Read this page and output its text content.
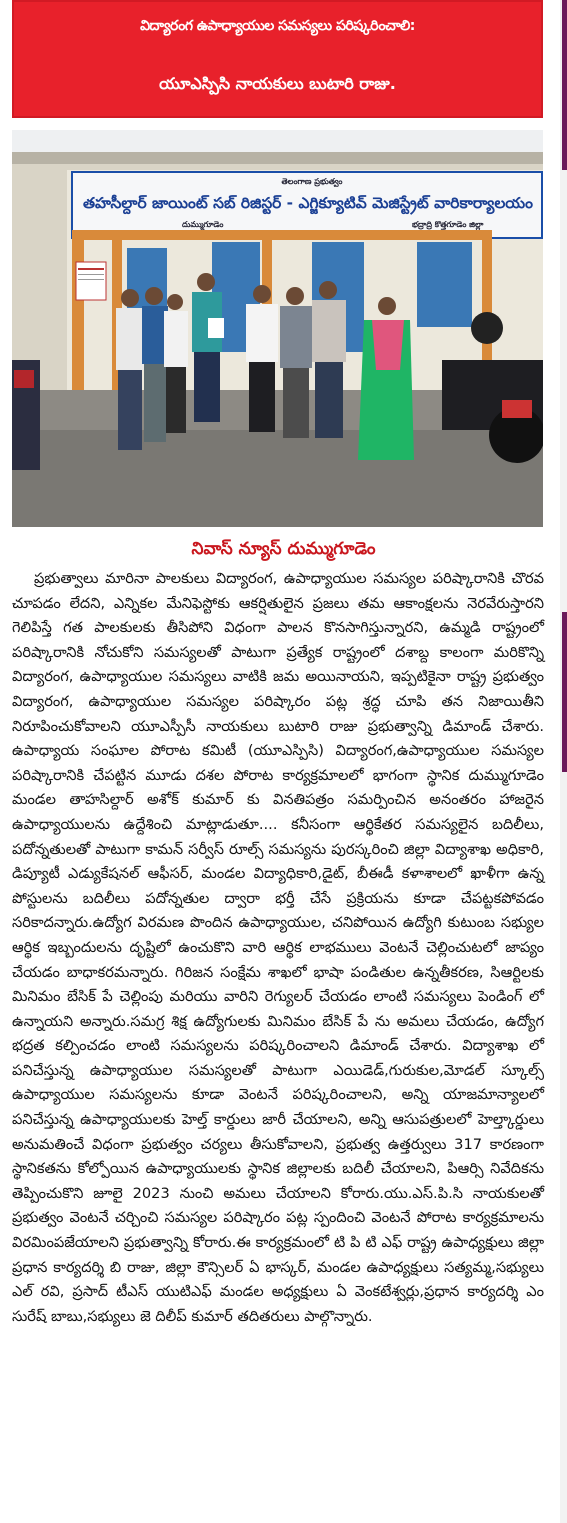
విద్యారంగ ఉపాధ్యాయుల సమస్యలు పరిష్కరించాలి:
యూఎస్పిసి నాయకులు బుటారి రాజు.
తెలంగాణ ప్రభుత్వం
తహసీల్దార్ జాయింట్ సబ్ రిజిస్టర్ - ఎగ్జిక్యూటివ్ మెజిస్ట్రేట్ వారికార్యాలయం
దుమ్ముగూడెం	భద్రాద్రి కొత్తగూడెం జిల్లా
నివాస్ న్యూస్ దుమ్ముగూడెం

ప్రభుత్వాలు మారినా పాలకులు విద్యారంగ, ఉపాధ్యాయుల సమస్యల పరిష్కారానికి చొరవ చూపడం లేదని, ఎన్నికల మేనిఫెస్టోకు ఆకర్షితులైన ప్రజలు తమ ఆకాంక్షలను నెరవేరుస్తారని గెలిపిస్తే గత పాలకులకు తీసిపోని విధంగా పాలన కొనసాగిస్తున్నారని, ఉమ్మడి రాష్ట్రంలో పరిష్కారానికి నోచుకోని సమస్యలతో పాటుగా ప్రత్యేక రాష్ట్రంలో దశాబ్ద కాలంగా మరికొన్ని విద్యారంగ, ఉపాధ్యాయుల సమస్యలు వాటికి జమ అయినాయని, ఇప్పటికైనా రాష్ట్ర ప్రభుత్వం విద్యారంగ, ఉపాధ్యాయుల సమస్యల పరిష్కారం పట్ల శ్రద్ధ చూపి తన నిజాయితీని నిరూపించుకోవాలని యూఎస్పీసీ నాయకులు బుటారి రాజు ప్రభుత్వాన్ని డిమాండ్ చేశారు. ఉపాధ్యాయ సంఘాల పోరాట కమిటీ (యూఎస్పిసి) విద్యారంగ,ఉపాధ్యాయుల సమస్యల పరిష్కారానికి చేపట్టిన మూడు దశల పోరాట కార్యక్రమాలలో భాగంగా స్థానిక దుమ్ముగూడెం మండల తాహసిల్దార్ అశోక్ కుమార్ కు వినతిపత్రం సమర్పించిన అనంతరం హాజరైన ఉపాధ్యాయులను ఉద్దేశించి మాట్లాడుతూ.... కనీసంగా ఆర్థికేతర సమస్యలైన బదిలీలు, పదోన్నతులతో పాటుగా కామన్ సర్వీస్ రూల్స్ సమస్యను పురస్కరించి జిల్లా విద్యాశాఖ అధికారి, డిప్యూటీ ఎడ్యుకేషనల్ ఆఫీసర్, మండల విద్యాధికారి,డైట్, బీఈడీ కళాశాలలో ఖాళీగా ఉన్న పోస్టులను బదిలీలు పదోన్నతుల ద్వారా భర్తీ చేసే ప్రక్రియను కూడా చేపట్టకపోవడం సరికాదన్నారు.ఉద్యోగ విరమణ పొందిన ఉపాధ్యాయుల, చనిపోయిన ఉద్యోగి కుటుంబ సభ్యుల ఆర్థిక ఇబ్బందులను దృష్టిలో ఉంచుకొని వారి ఆర్థిక లాభములు వెంటనే చెల్లించుటలో జాప్యం చేయడం బాధాకరమన్నారు. గిరిజన సంక్షేమ శాఖలో భాషా పండితుల ఉన్నతీకరణ, సిఆర్టిలకు మినిమం బేసిక్ పే చెల్లింపు మరియు వారిని రెగ్యులర్ చేయడం లాంటి సమస్యలు పెండింగ్ లో ఉన్నాయని అన్నారు.సమగ్ర శిక్ష ఉద్యోగులకు మినిమం బేసిక్ పే ను అమలు చేయడం, ఉద్యోగ భద్రత కల్పించడం లాంటి సమస్యలను పరిష్కరించాలని డిమాండ్ చేశారు. విద్యాశాఖ లో పనిచేస్తున్న ఉపాధ్యాయుల సమస్యలతో పాటుగా ఎయిడెడ్,గురుకుల,మోడల్ స్కూల్స్ ఉపాధ్యాయుల సమస్యలను కూడా వెంటనే పరిష్కరించాలని, అన్ని యాజమాన్యాలలో పనిచేస్తున్న ఉపాధ్యాయులకు హెల్త్ కార్డులు జారీ చేయాలని, అన్ని ఆసుపత్రులలో హెల్త్కార్డులు అనుమతించే విధంగా ప్రభుత్వం చర్యలు తీసుకోవాలని, ప్రభుత్వ ఉత్తర్వులు 317 కారణంగా స్థానికతను కోల్పోయిన ఉపాధ్యాయులకు స్థానిక జిల్లాలకు బదిలీ చేయాలని, పిఆర్సి నివేదికను తెప్పించుకొని జూలై 2023 నుంచి అమలు చేయాలని కోరారు.యు.ఎస్.పి.సి నాయకులతో ప్రభుత్వం వెంటనే చర్చించి సమస్యల పరిష్కారం పట్ల స్పందించి వెంటనే పోరాట కార్యక్రమాలను విరమింపజేయాలని ప్రభుత్వాన్ని కోరారు.ఈ కార్యక్రమంలో టి పి టి ఎఫ్ రాష్ట్ర ఉపాధ్యక్షులు జిల్లా ప్రధాన కార్యదర్శి బి రాజు, జిల్లా కౌన్సిలర్ ఏ భాస్కర్, మండల ఉపాధ్యక్షులు సత్యమ్మ,సభ్యులు ఎల్ రవి, ప్రసాద్ టీఎస్ యుటిఎఫ్ మండల అధ్యక్షులు ఏ వెంకటేశ్వర్లు,ప్రధాన కార్యదర్శి ఎం సురేష్ బాబు,సభ్యులు జె దిలీప్ కుమార్ తదితరులు పాల్గొన్నారు.
